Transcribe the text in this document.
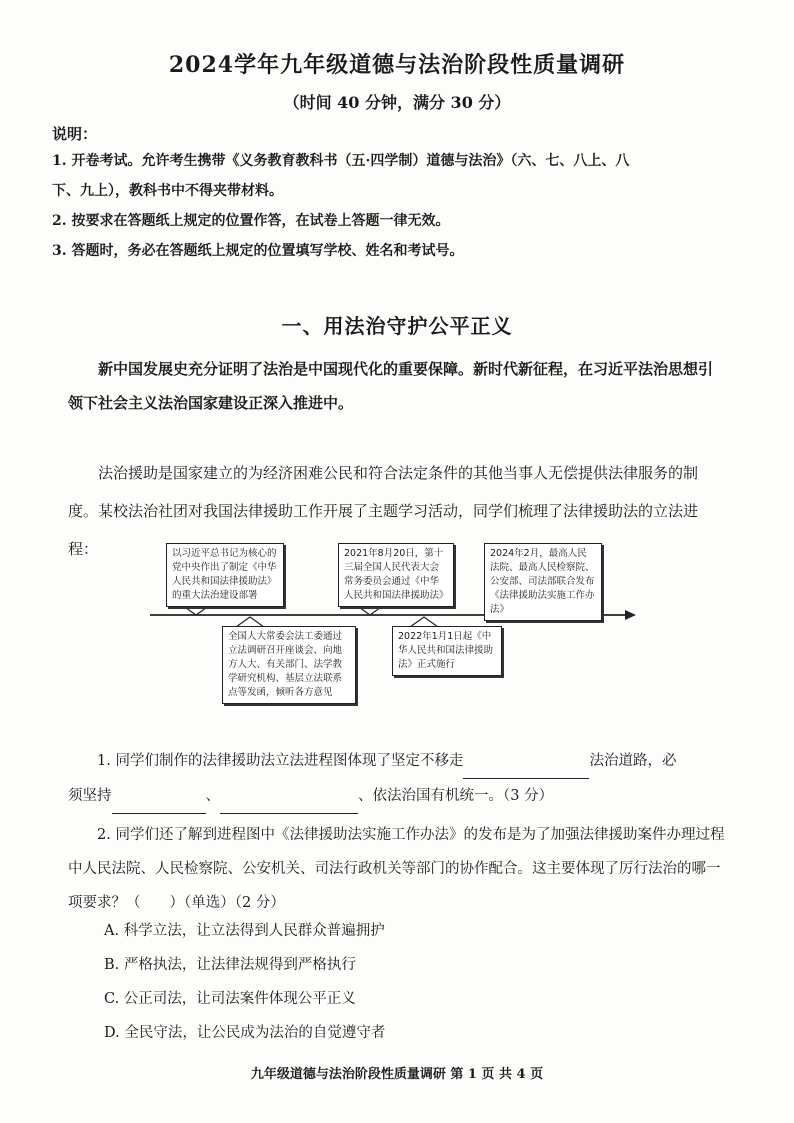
2024学年九年级道德与法治阶段性质量调研
（时间 40 分钟，满分 30 分）
说明：
1. 开卷考试。允许考生携带《义务教育教科书（五·四学制）道德与法治》（六、七、八上、八
下、九上），教科书中不得夹带材料。
2. 按要求在答题纸上规定的位置作答，在试卷上答题一律无效。
3. 答题时，务必在答题纸上规定的位置填写学校、姓名和考试号。
一、用法治守护公平正义
新中国发展史充分证明了法治是中国现代化的重要保障。新时代新征程，在习近平法治思想引领下社会主义法治国家建设正深入推进中。
法治援助是国家建立的为经济困难公民和符合法定条件的其他当事人无偿提供法律服务的制度。某校法治社团对我国法律援助工作开展了主题学习活动，同学们梳理了法律援助法的立法进程：	以习近平总书记为核心的党中央作出了制定《中华人民共和国法律援助法》的重大法治建设部署
2021年8月20日，第十三届全国人民代表大会常务委员会通过《中华人民共和国法律援助法》
2024年2月，最高人民法院、最高人民检察院、公安部、司法部联合发布《法律援助法实施工作办法》
全国人大常委会法工委通过立法调研召开座谈会、向地方人大、有关部门、法学教学研究机构、基层立法联系点等发函，倾听各方意见
2022年1月1日起《中华人民共和国法律援助法》正式施行
1. 同学们制作的法律援助法立法进程图体现了坚定不移走	法治道路，必
须坚持	、	、依法治国有机统一。（3 分）
2. 同学们还了解到进程图中《法律援助法实施工作办法》的发布是为了加强法律援助案件办理过程中人民法院、人民检察院、公安机关、司法行政机关等部门的协作配合。这主要体现了厉行法治的哪一项要求？（　　）（单选）（2 分）
A. 科学立法，让立法得到人民群众普遍拥护
B. 严格执法，让法律法规得到严格执行
C. 公正司法，让司法案件体现公平正义
D. 全民守法，让公民成为法治的自觉遵守者
九年级道德与法治阶段性质量调研 第 1 页 共 4 页
